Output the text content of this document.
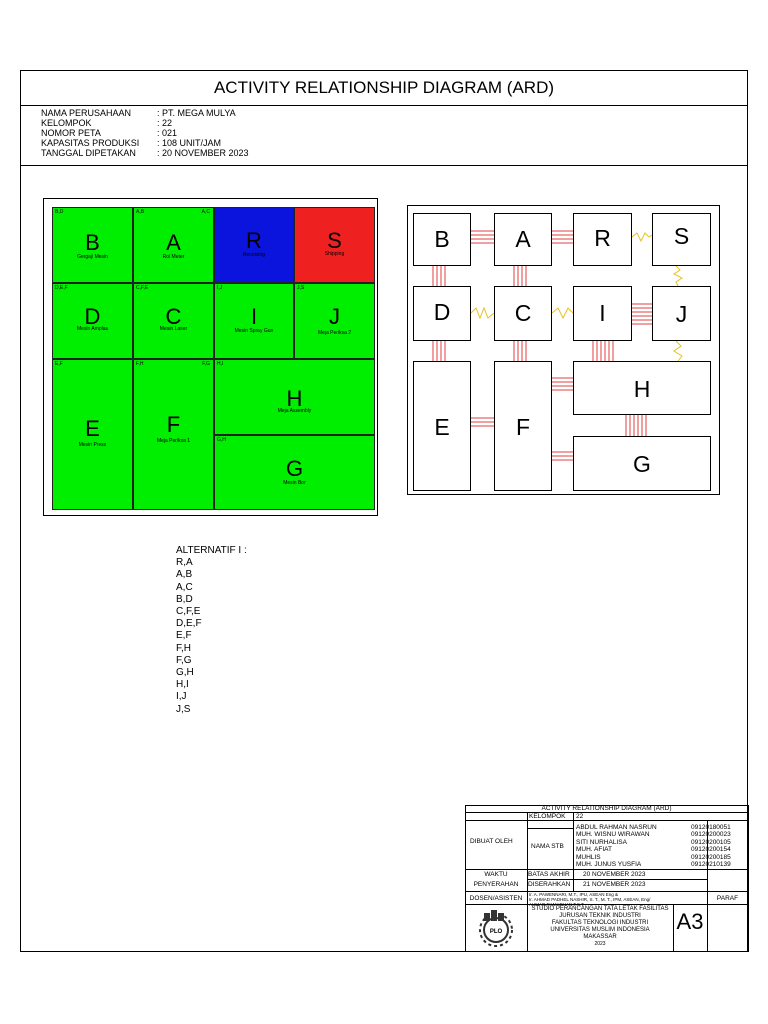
ACTIVITY RELATIONSHIP DIAGRAM (ARD)
NAMA PERUSAHAAN	: PT. MEGA MULYA
KELOMPOK	: 22
NOMOR PETA	: 021
KAPASITAS PRODUKSI : 108 UNIT/JAM
TANGGAL DIPETAKAN : 20 NOVEMBER 2023
B,D
B
Gergaji Mesin
A,B	A,C
A
Rol Meter
R
Receiving
S
Shipping
D,E,F
D
Mesin Amplas
C,F,E
C
Mesin Laser
I,J
I
Mesin Spray Gun
J,S
J
Meja Periksa 2
E,F
E
Mesin Press
F,H	F,G
F
Meja Periksa 1
H,I
H
Meja Assembly
G,H
G
Mesin Bor
B	A	R	S
D	C	I	J
E	F
H
G
ALTERNATIF I :
R,A
A,B
A,C
B,D
C,F,E
D,E,F
E,F
F,H
F,G
G,H
H,I
I,J
J,S
ACTIVITY RELATIONSHIP DIAGRAM (ARD)
KELOMPOK 22
DIBUAT OLEH
NAMA STB
ABDUL RAHMAN NASRUN	09120180051
MUH. WISNU WIRAWAN	09120200023
SITI NURHALISA	09120200105
MUH. AFIAT	09120200154
MUHLIS	09120200185
MUH. JUNUS YUSFIA	09120210139
WAKTU
PENYERAHAN
BATAS AKHIR 20 NOVEMBER 2023
DISERAHKAN 21 NOVEMBER 2023
DOSEN/ASISTEN
Ir. A. PAWENNARI, M.T., IPU, ASEAN Eng &
Ir. AHMAD PADHEL NASHIR, S. T., M. T., IPM, ASEAN, Eng/
AHMAD RAMADHAN T.S.T
PARAF
STUDIO PERANCANGAN TATA LETAK FASILITAS
JURUSAN TEKNIK INDUSTRI
FAKULTAS TEKNOLOGI INDUSTRI
UNIVERSITAS MUSLIM INDONESIA
MAKASSAR
2023
A3
PLO
